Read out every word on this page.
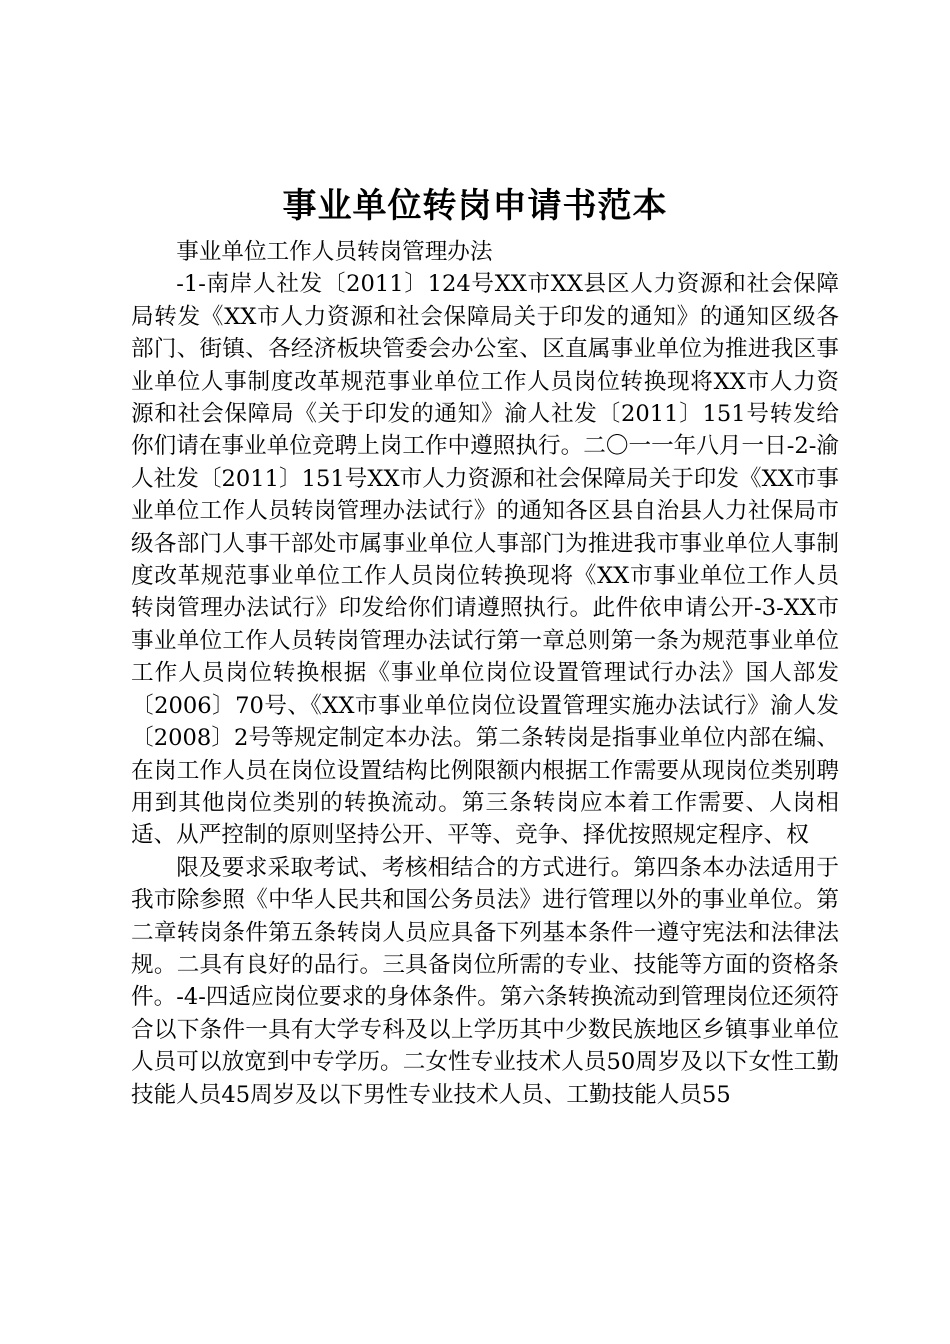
事业单位转岗申请书范本

事业单位工作人员转岗管理办法

-1-南岸人社发〔2011〕124号XX市XX县区人力资源和社会保障局转发《XX市人力资源和社会保障局关于印发的通知》的通知区级各部门、街镇、各经济板块管委会办公室、区直属事业单位为推进我区事业单位人事制度改革规范事业单位工作人员岗位转换现将XX市人力资源和社会保障局《关于印发的通知》渝人社发〔2011〕151号转发给你们请在事业单位竞聘上岗工作中遵照执行。二〇一一年八月一日-2-渝人社发〔2011〕151号XX市人力资源和社会保障局关于印发《XX市事业单位工作人员转岗管理办法试行》的通知各区县自治县人力社保局市级各部门人事干部处市属事业单位人事部门为推进我市事业单位人事制度改革规范事业单位工作人员岗位转换现将《XX市事业单位工作人员转岗管理办法试行》印发给你们请遵照执行。此件依申请公开-3-XX市事业单位工作人员转岗管理办法试行第一章总则第一条为规范事业单位工作人员岗位转换根据《事业单位岗位设置管理试行办法》国人部发〔2006〕70号、《XX市事业单位岗位设置管理实施办法试行》渝人发〔2008〕2号等规定制定本办法。第二条转岗是指事业单位内部在编、在岗工作人员在岗位设置结构比例限额内根据工作需要从现岗位类别聘用到其他岗位类别的转换流动。第三条转岗应本着工作需要、人岗相适、从严控制的原则坚持公开、平等、竞争、择优按照规定程序、权

限及要求采取考试、考核相结合的方式进行。第四条本办法适用于我市除参照《中华人民共和国公务员法》进行管理以外的事业单位。第二章转岗条件第五条转岗人员应具备下列基本条件一遵守宪法和法律法规。二具有良好的品行。三具备岗位所需的专业、技能等方面的资格条件。-4-四适应岗位要求的身体条件。第六条转换流动到管理岗位还须符合以下条件一具有大学专科及以上学历其中少数民族地区乡镇事业单位人员可以放宽到中专学历。二女性专业技术人员50周岁及以下女性工勤技能人员45周岁及以下男性专业技术人员、工勤技能人员55
